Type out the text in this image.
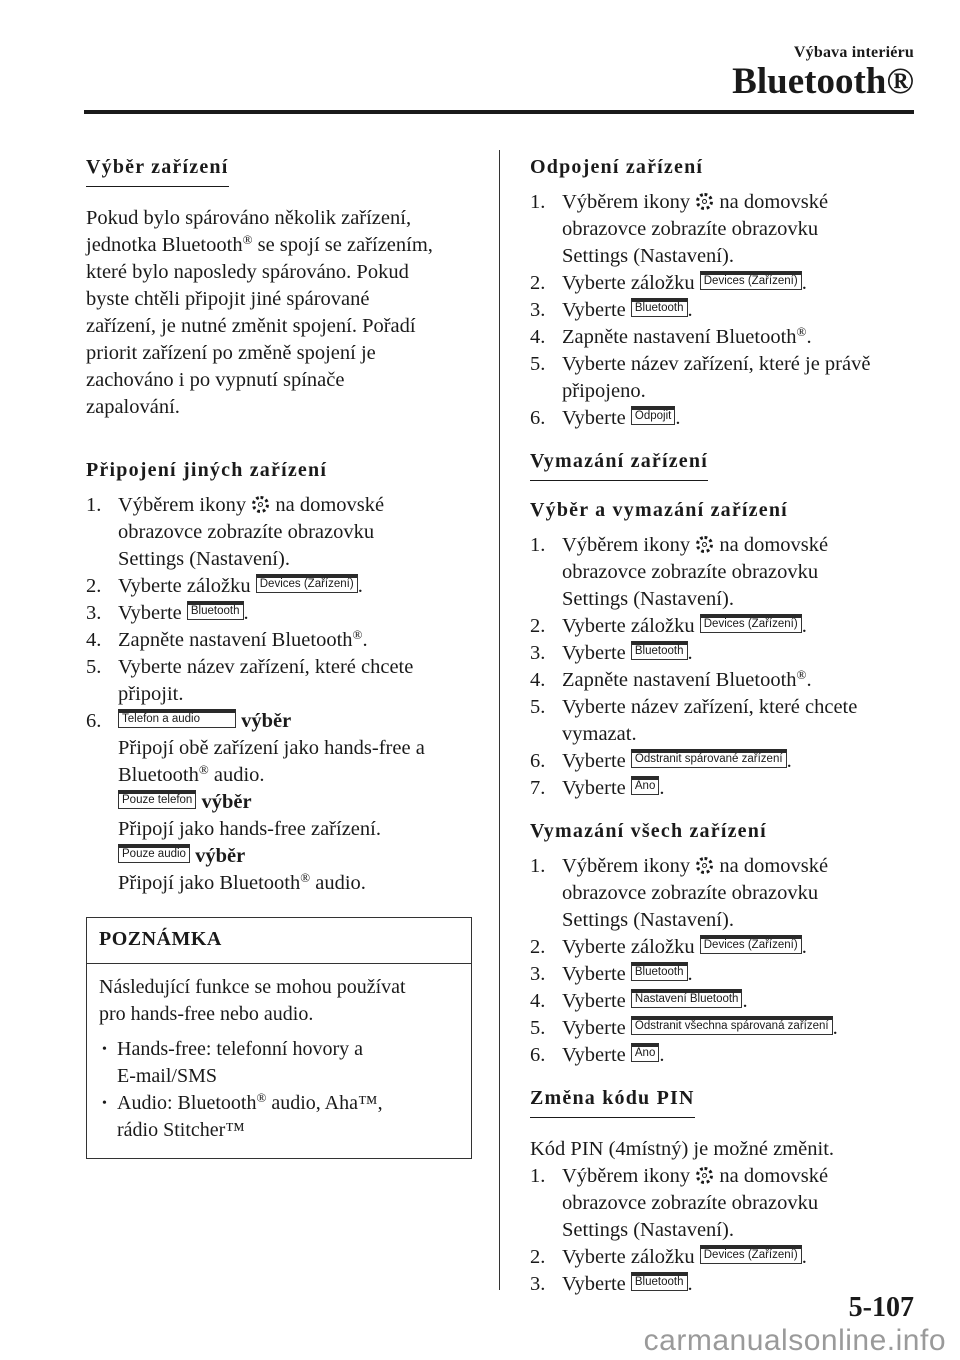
Výbava interiéru
Bluetooth®
Výběr zařízení

Pokud bylo spárováno několik zařízení,
jednotka Bluetooth® se spojí se zařízením,
které bylo naposledy spárováno. Pokud
byste chtěli připojit jiné spárované
zařízení, je nutné změnit spojení. Pořadí
priorit zařízení po změně spojení je
zachováno i po vypnutí spínače
zapalování.

Připojení jiných zařízení
1. Výběrem ikony  na domovské
obrazovce zobrazíte obrazovku
Settings (Nastavení).
2. Vyberte záložku Devices (Zařízení) .
3. Vyberte Bluetooth .
4. Zapněte nastavení Bluetooth®.
5. Vyberte název zařízení, které chcete
připojit.
6. Telefon a audio výběr
Připojí obě zařízení jako hands-free a
Bluetooth® audio.
Pouze telefon výběr
Připojí jako hands-free zařízení.
Pouze audio výběr
Připojí jako Bluetooth® audio.
POZNÁMKA
Následující funkce se mohou používat
pro hands-free nebo audio.
• Hands-free: telefonní hovory a
E-mail/SMS
• Audio: Bluetooth® audio, Aha™,
rádio Stitcher™
Odpojení zařízení
1. Výběrem ikony  na domovské
obrazovce zobrazíte obrazovku
Settings (Nastavení).
2. Vyberte záložku Devices (Zařízení) .
3. Vyberte Bluetooth .
4. Zapněte nastavení Bluetooth®.
5. Vyberte název zařízení, které je právě
připojeno.
6. Vyberte Odpojit .
Vymazání zařízení
Výběr a vymazání zařízení
1. Výběrem ikony  na domovské
obrazovce zobrazíte obrazovku
Settings (Nastavení).
2. Vyberte záložku Devices (Zařízení) .
3. Vyberte Bluetooth .
4. Zapněte nastavení Bluetooth®.
5. Vyberte název zařízení, které chcete
vymazat.
6. Vyberte Odstranit spárované zařízení .
7. Vyberte Ano .
Vymazání všech zařízení
1. Výběrem ikony  na domovské
obrazovce zobrazíte obrazovku
Settings (Nastavení).
2. Vyberte záložku Devices (Zařízení) .
3. Vyberte Bluetooth .
4. Vyberte Nastavení Bluetooth .
5. Vyberte Odstranit všechna spárovaná zařízení .
6. Vyberte Ano .
Změna kódu PIN

Kód PIN (4místný) je možné změnit.

1. Výběrem ikony  na domovské
obrazovce zobrazíte obrazovku
Settings (Nastavení).
2. Vyberte záložku Devices (Zařízení) .
3. Vyberte Bluetooth .
5-107
carmanualsonline.info
